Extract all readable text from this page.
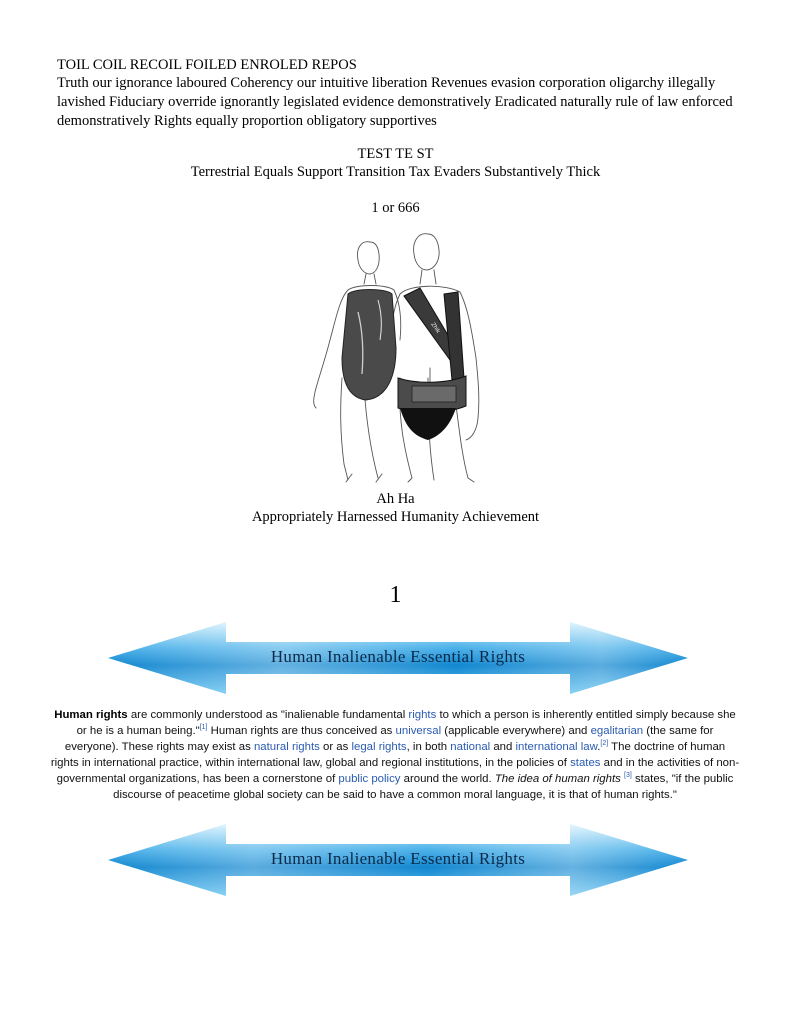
TOIL COIL RECOIL FOILED ENROLED REPOS
Truth our ignorance laboured Coherency our intuitive liberation Revenues evasion corporation oligarchy illegally lavished Fiduciary override ignorantly legislated evidence demonstratively Eradicated naturally rule of law enforced demonstratively Rights equally proportion obligatory supportives
TEST TE ST
Terrestrial Equals Support Transition Tax Evaders Substantively Thick
1 or 666
Zhik
Ah Ha
Appropriately Harnessed Humanity Achievement
1
Human Inalienable Essential Rights
Human rights are commonly understood as "inalienable fundamental rights to which a person is inherently entitled simply because she or he is a human being."[1] Human rights are thus conceived as universal (applicable everywhere) and egalitarian (the same for everyone). These rights may exist as natural rights or as legal rights, in both national and international law.[2] The doctrine of human rights in international practice, within international law, global and regional institutions, in the policies of states and in the activities of non-governmental organizations, has been a cornerstone of public policy around the world. The idea of human rights [3] states, "if the public discourse of peacetime global society can be said to have a common moral language, it is that of human rights."
Human Inalienable Essential Rights
